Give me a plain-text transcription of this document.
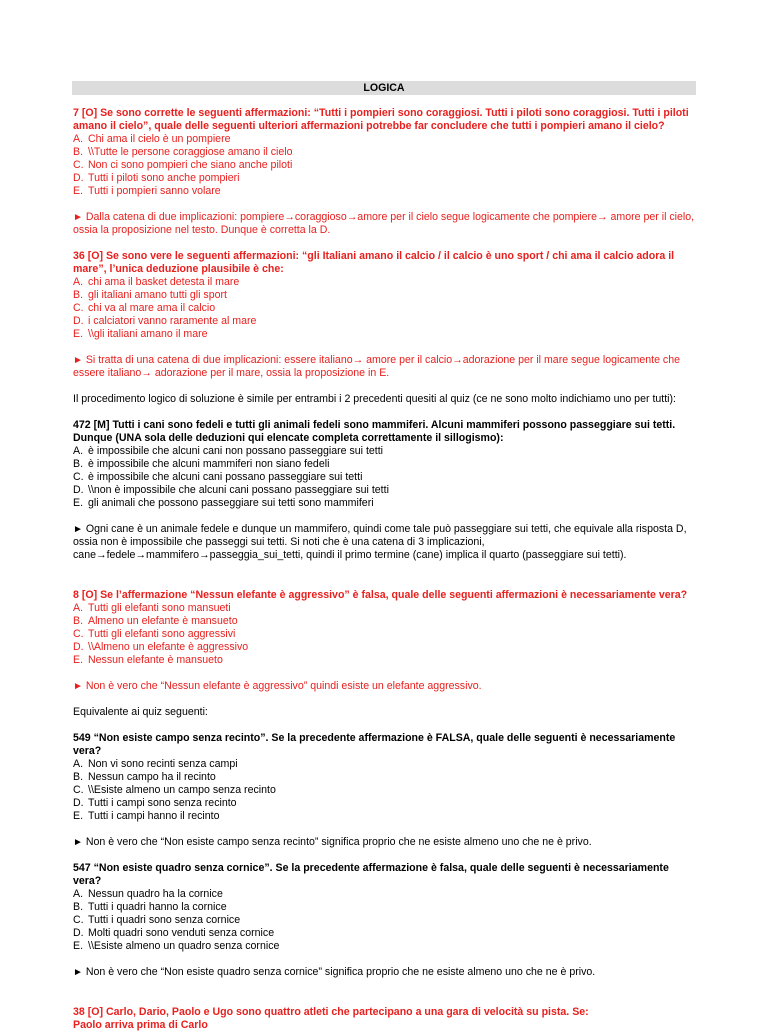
LOGICA

7 [O] Se sono corrette le seguenti affermazioni: “Tutti i pompieri sono coraggiosi. Tutti i piloti sono coraggiosi. Tutti i piloti amano il cielo”, quale delle seguenti ulteriori affermazioni potrebbe far concludere che tutti i pompieri amano il cielo?

A. Chi ama il cielo è un pompiere

B. \\Tutte le persone coraggiose amano il cielo

C. Non ci sono pompieri che siano anche piloti

D. Tutti i piloti sono anche pompieri

E. Tutti i pompieri sanno volare

► Dalla catena di due implicazioni: pompiere→coraggioso→amore per il cielo segue logicamente che pompiere→ amore per il cielo, ossia la proposizione nel testo. Dunque è corretta la D.

36 [O] Se sono vere le seguenti affermazioni: “gli Italiani amano il calcio / il calcio è uno sport / chi ama il calcio adora il mare”, l’unica deduzione plausibile è che:

A. chi ama il basket detesta il mare

B. gli italiani amano tutti gli sport

C. chi va al mare ama il calcio

D. i calciatori vanno raramente al mare

E. \\gli italiani amano il mare

► Si tratta di una catena di due implicazioni: essere italiano→ amore per il calcio→adorazione per il mare segue logicamente che essere italiano→ adorazione per il mare, ossia la proposizione in E.

Il procedimento logico di soluzione è simile per entrambi i 2 precedenti quesiti al quiz (ce ne sono molto indichiamo uno per tutti):

472 [M] Tutti i cani sono fedeli e tutti gli animali fedeli sono mammiferi. Alcuni mammiferi possono passeggiare sui tetti. Dunque (UNA sola delle deduzioni qui elencate completa correttamente il sillogismo):

A. è impossibile che alcuni cani non possano passeggiare sui tetti

B. è impossibile che alcuni mammiferi non siano fedeli

C. è impossibile che alcuni cani possano passeggiare sui tetti

D. \\non è impossibile che alcuni cani possano passeggiare sui tetti

E. gli animali che possono passeggiare sui tetti sono mammiferi

► Ogni cane è un animale fedele e dunque un mammifero, quindi come tale può passeggiare sui tetti, che equivale alla risposta D, ossia non è impossibile che passeggi sui tetti. Si noti che è una catena di 3 implicazioni, cane→fedele→mammifero→passeggia_sui_tetti, quindi il primo termine (cane) implica il quarto (passeggiare sui tetti).

8 [O] Se l’affermazione “Nessun elefante è aggressivo” è falsa, quale delle seguenti affermazioni è necessariamente vera?

A. Tutti gli elefanti sono mansueti

B. Almeno un elefante è mansueto

C. Tutti gli elefanti sono aggressivi

D. \\Almeno un elefante è aggressivo

E. Nessun elefante è mansueto

► Non è vero che “Nessun elefante è aggressivo” quindi esiste un elefante aggressivo.

Equivalente ai quiz seguenti:

549 “Non esiste campo senza recinto”. Se la precedente affermazione è FALSA, quale delle seguenti è necessariamente vera?

A. Non vi sono recinti senza campi

B. Nessun campo ha il recinto

C. \\Esiste almeno un campo senza recinto

D. Tutti i campi sono senza recinto

E. Tutti i campi hanno il recinto

► Non è vero che “Non esiste campo senza recinto” significa proprio che ne esiste almeno uno che ne è privo.

547 “Non esiste quadro senza cornice”. Se la precedente affermazione è falsa, quale delle seguenti è necessariamente vera?

A. Nessun quadro ha la cornice

B. Tutti i quadri hanno la cornice

C. Tutti i quadri sono senza cornice

D. Molti quadri sono venduti senza cornice

E. \\Esiste almeno un quadro senza cornice

► Non è vero che “Non esiste quadro senza cornice” significa proprio che ne esiste almeno uno che ne è privo.

38 [O] Carlo, Dario, Paolo e Ugo sono quattro atleti che partecipano a una gara di velocità su pista. Se:

Paolo arriva prima di Carlo
